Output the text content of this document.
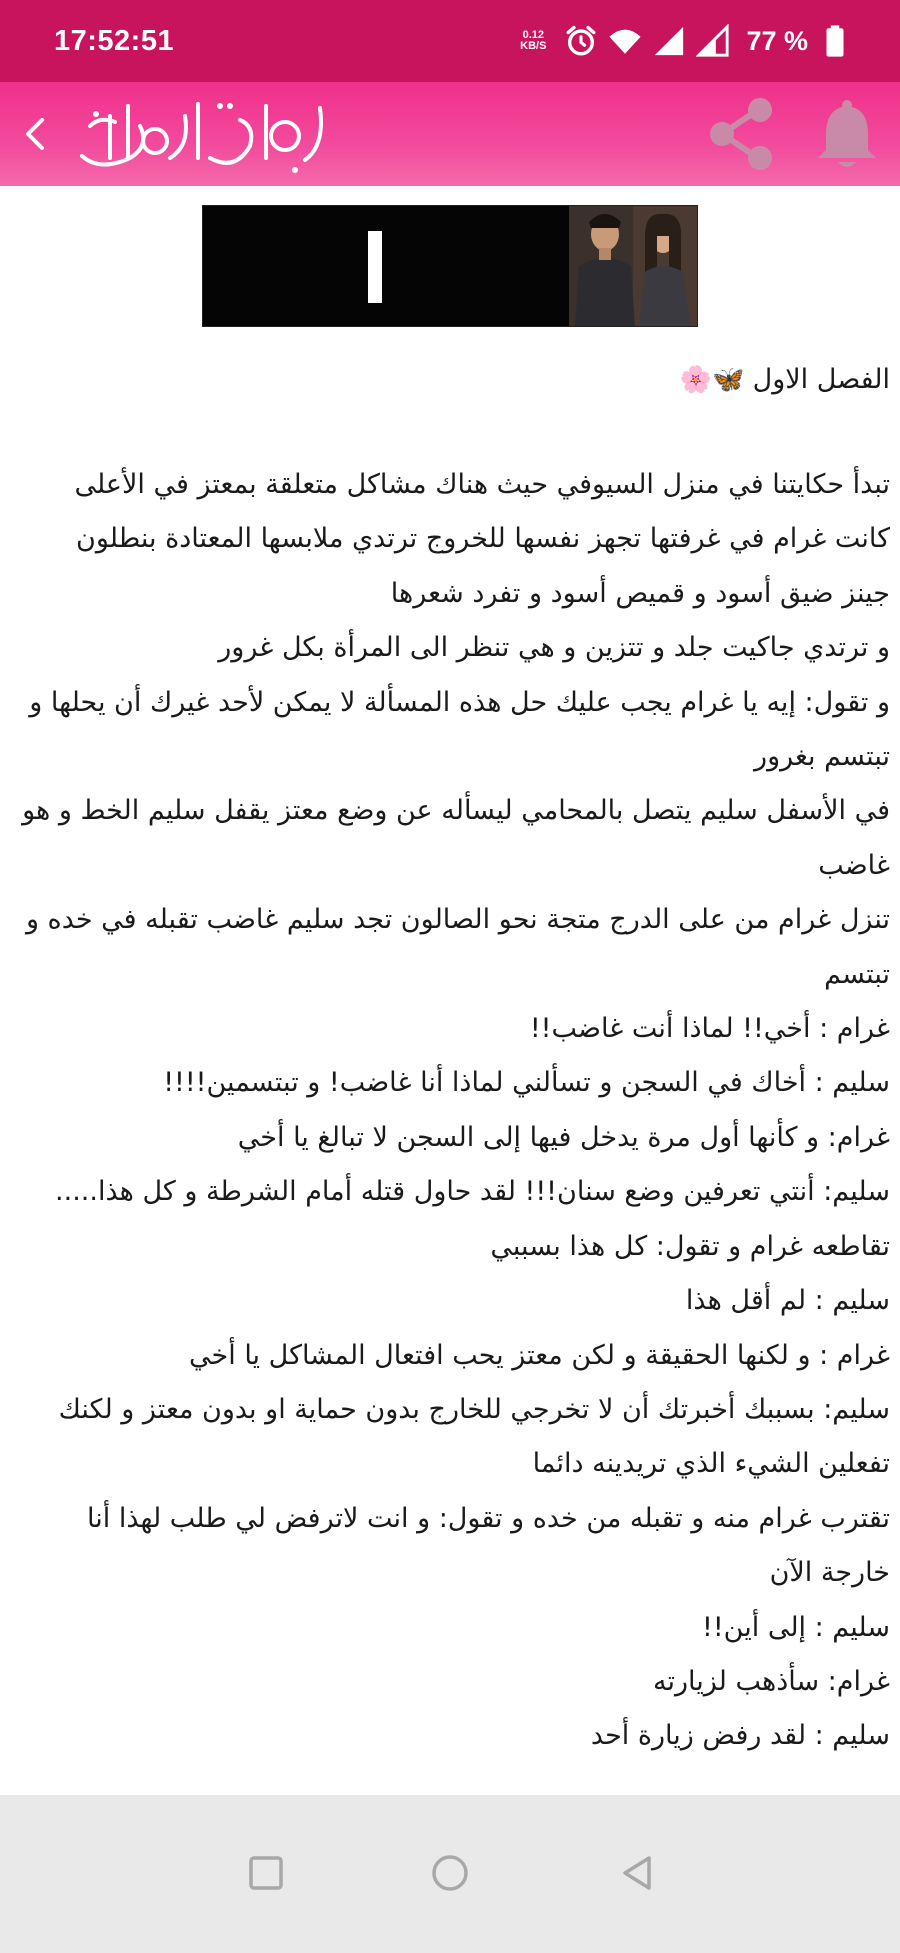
17:52:51	0.12
KB/S	77 %
الفصل الاول
🦋🌸

تبدأ حكايتنا في منزل السيوفي حيث هناك مشاكل متعلقة بمعتز في الأعلى كانت غرام في غرفتها تجهز نفسها للخروج ترتدي ملابسها المعتادة بنطلون جينز ضيق أسود و قميص أسود و تفرد شعرها

و ترتدي جاكيت جلد و تتزين و هي تنظر الى المرأة بكل غرور

و تقول: إيه يا غرام يجب عليك حل هذه المسألة لا يمكن لأحد غيرك أن يحلها و تبتسم بغرور

في الأسفل سليم يتصل بالمحامي ليسأله عن وضع معتز يقفل سليم الخط و هو غاضب

تنزل غرام من على الدرج متجة نحو الصالون تجد سليم غاضب تقبله في خده و تبتسم

غرام : أخي!! لماذا أنت غاضب!!

سليم : أخاك في السجن و تسألني لماذا أنا غاضب! و تبتسمين!!!!

غرام: و كأنها أول مرة يدخل فيها إلى السجن لا تبالغ يا أخي

سليم: أنتي تعرفين وضع سنان!!! لقد حاول قتله أمام الشرطة و كل هذا.....

تقاطعه غرام و تقول: كل هذا بسببي

سليم : لم أقل هذا

غرام : و لكنها الحقيقة و لكن معتز يحب افتعال المشاكل يا أخي

سليم: بسببك أخبرتك أن لا تخرجي للخارج بدون حماية او بدون معتز و لكنك تفعلين الشيء الذي تريدينه دائما

تقترب غرام منه و تقبله من خده و تقول: و انت لاترفض لي طلب لهذا أنا خارجة الآن

سليم : إلى أين!!

غرام: سأذهب لزيارته

سليم : لقد رفض زيارة أحد
